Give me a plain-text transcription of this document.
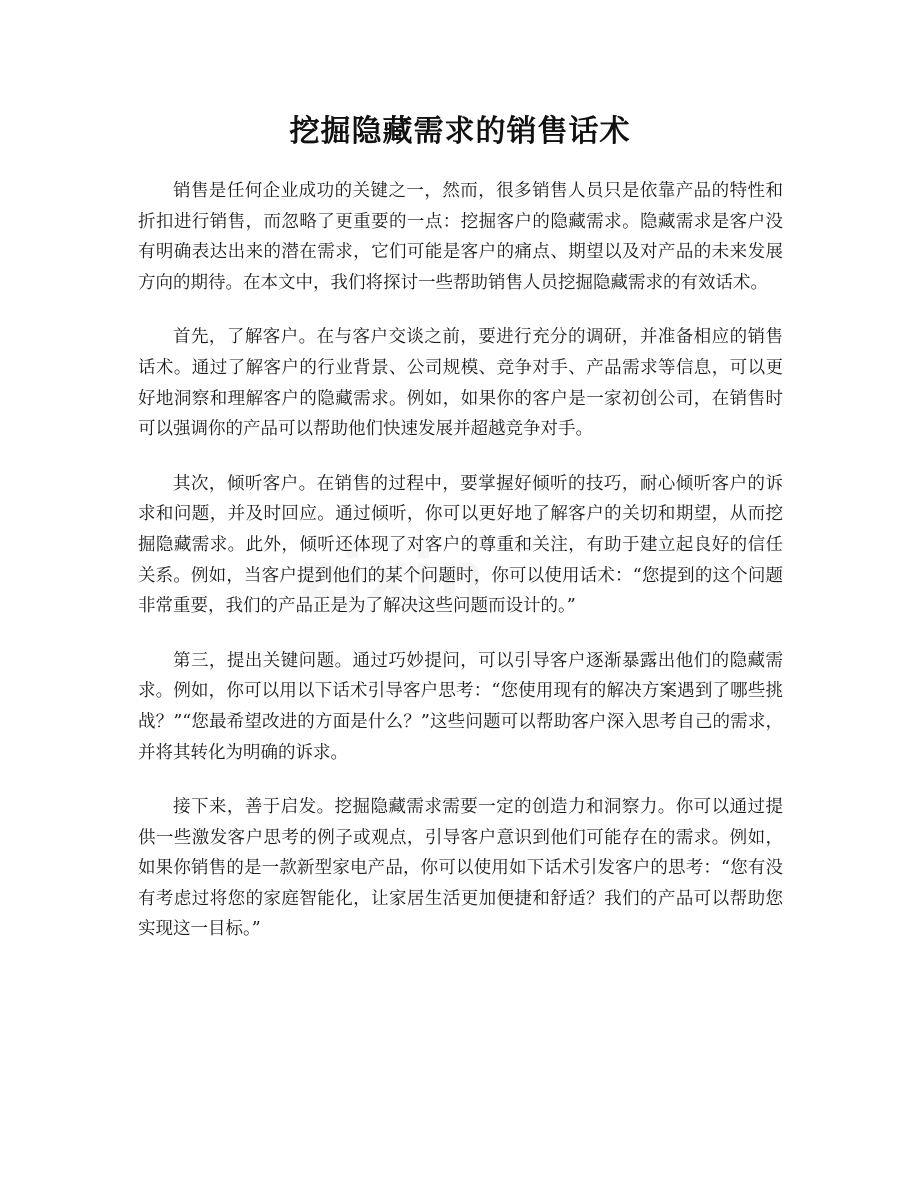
挖掘隐藏需求的销售话术

销售是任何企业成功的关键之一，然而，很多销售人员只是依靠产品的特性和折扣进行销售，而忽略了更重要的一点：挖掘客户的隐藏需求。隐藏需求是客户没有明确表达出来的潜在需求，它们可能是客户的痛点、期望以及对产品的未来发展方向的期待。在本文中，我们将探讨一些帮助销售人员挖掘隐藏需求的有效话术。

首先，了解客户。在与客户交谈之前，要进行充分的调研，并准备相应的销售话术。通过了解客户的行业背景、公司规模、竞争对手、产品需求等信息，可以更好地洞察和理解客户的隐藏需求。例如，如果你的客户是一家初创公司，在销售时可以强调你的产品可以帮助他们快速发展并超越竞争对手。

其次，倾听客户。在销售的过程中，要掌握好倾听的技巧，耐心倾听客户的诉求和问题，并及时回应。通过倾听，你可以更好地了解客户的关切和期望，从而挖掘隐藏需求。此外，倾听还体现了对客户的尊重和关注，有助于建立起良好的信任关系。例如，当客户提到他们的某个问题时，你可以使用话术：“您提到的这个问题非常重要，我们的产品正是为了解决这些问题而设计的。”

第三，提出关键问题。通过巧妙提问，可以引导客户逐渐暴露出他们的隐藏需求。例如，你可以用以下话术引导客户思考：“您使用现有的解决方案遇到了哪些挑战？”“您最希望改进的方面是什么？”这些问题可以帮助客户深入思考自己的需求，并将其转化为明确的诉求。

接下来，善于启发。挖掘隐藏需求需要一定的创造力和洞察力。你可以通过提供一些激发客户思考的例子或观点，引导客户意识到他们可能存在的需求。例如，如果你销售的是一款新型家电产品，你可以使用如下话术引发客户的思考：“您有没有考虑过将您的家庭智能化，让家居生活更加便捷和舒适？我们的产品可以帮助您实现这一目标。”
